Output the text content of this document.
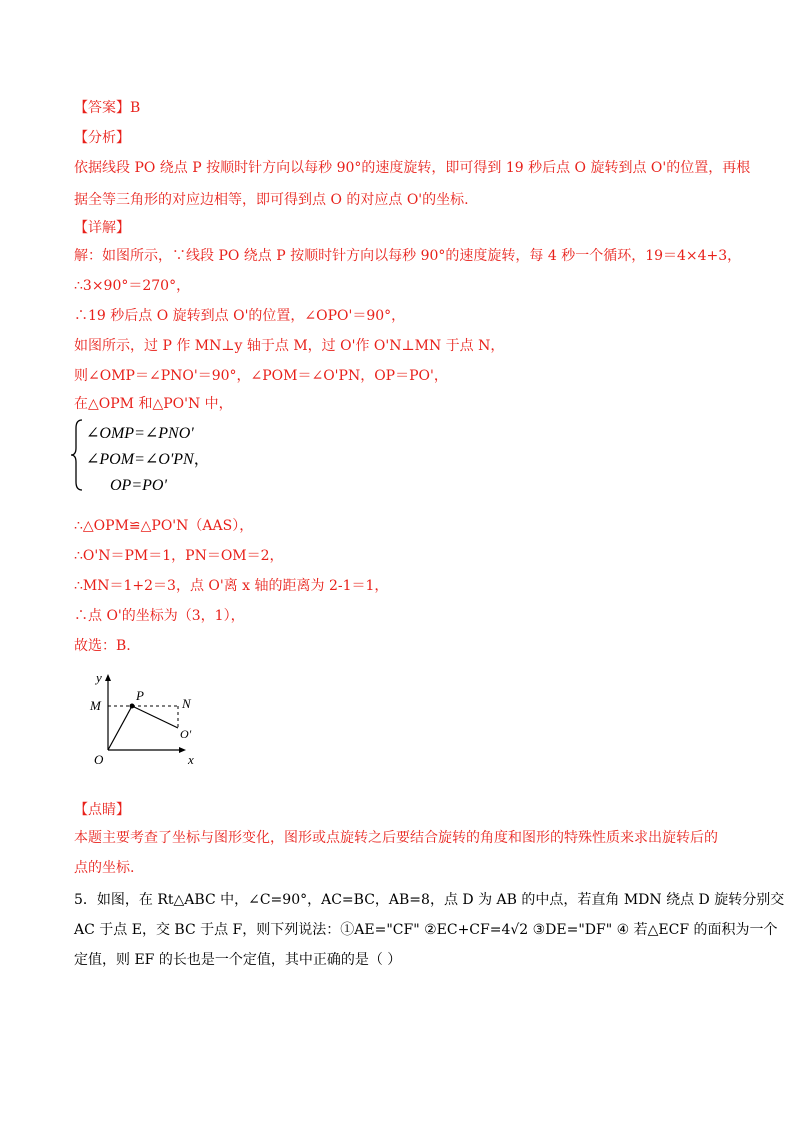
【答案】B
【分析】
依据线段 PO 绕点 P 按顺时针方向以每秒 90°的速度旋转，即可得到 19 秒后点 O 旋转到点 O'的位置，再根
据全等三角形的对应边相等，即可得到点 O 的对应点 O'的坐标.
【详解】
解：如图所示，∵线段 PO 绕点 P 按顺时针方向以每秒 90°的速度旋转，每 4 秒一个循环，19＝4×4+3，
∴3×90°＝270°，
∴19 秒后点 O 旋转到点 O'的位置，∠OPO'＝90°，
如图所示，过 P 作 MN⊥y 轴于点 M，过 O'作 O'N⊥MN 于点 N，
则∠OMP＝∠PNO'＝90°，∠POM＝∠O'PN，OP＝PO'，
在△OPM 和△PO'N 中，
∠OMP=∠PNO'
∠POM=∠O'PN，
OP=PO'
∴△OPM≌△PO'N（AAS），
∴O'N＝PM＝1，PN＝OM＝2，
∴MN＝1+2＝3，点 O'离 x 轴的距离为 2-1＝1，
∴点 O'的坐标为（3，1），
故选：B.
y
x
O
M
P
N
O'
【点睛】
本题主要考查了坐标与图形变化，图形或点旋转之后要结合旋转的角度和图形的特殊性质来求出旋转后的
点的坐标.
5．如图，在 Rt△ABC 中，∠C=90°，AC=BC，AB=8，点 D 为 AB 的中点，若直角 MDN 绕点 D 旋转分别交
AC 于点 E，交 BC 于点 F，则下列说法：①AE="CF" ②EC+CF=4√2 ③DE="DF" ④ 若△ECF 的面积为一个
定值，则 EF 的长也是一个定值，其中正确的是（ ）
